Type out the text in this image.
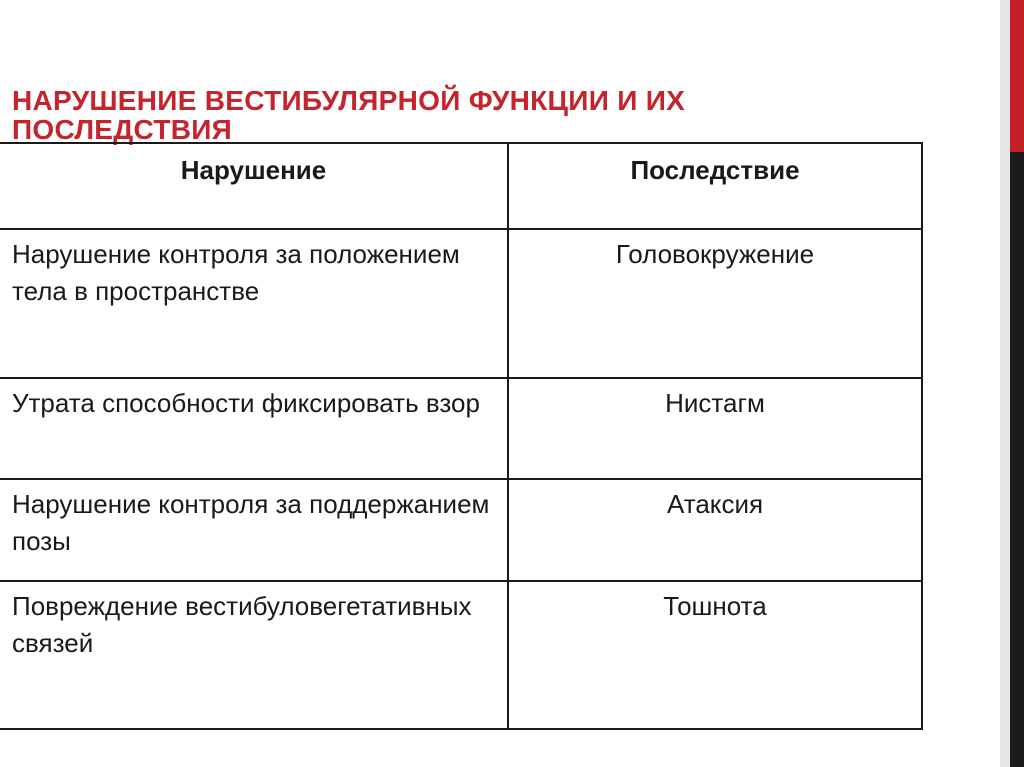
НАРУШЕНИЕ ВЕСТИБУЛЯРНОЙ ФУНКЦИИ И ИХ ПОСЛЕДСТВИЯ
Нарушение	Последствие
Нарушение контроля за положением тела в пространстве	Головокружение
Утрата способности фиксировать взор	Нистагм
Нарушение контроля за поддержанием позы	Атаксия
Повреждение вестибуловегетативных связей	Тошнота
